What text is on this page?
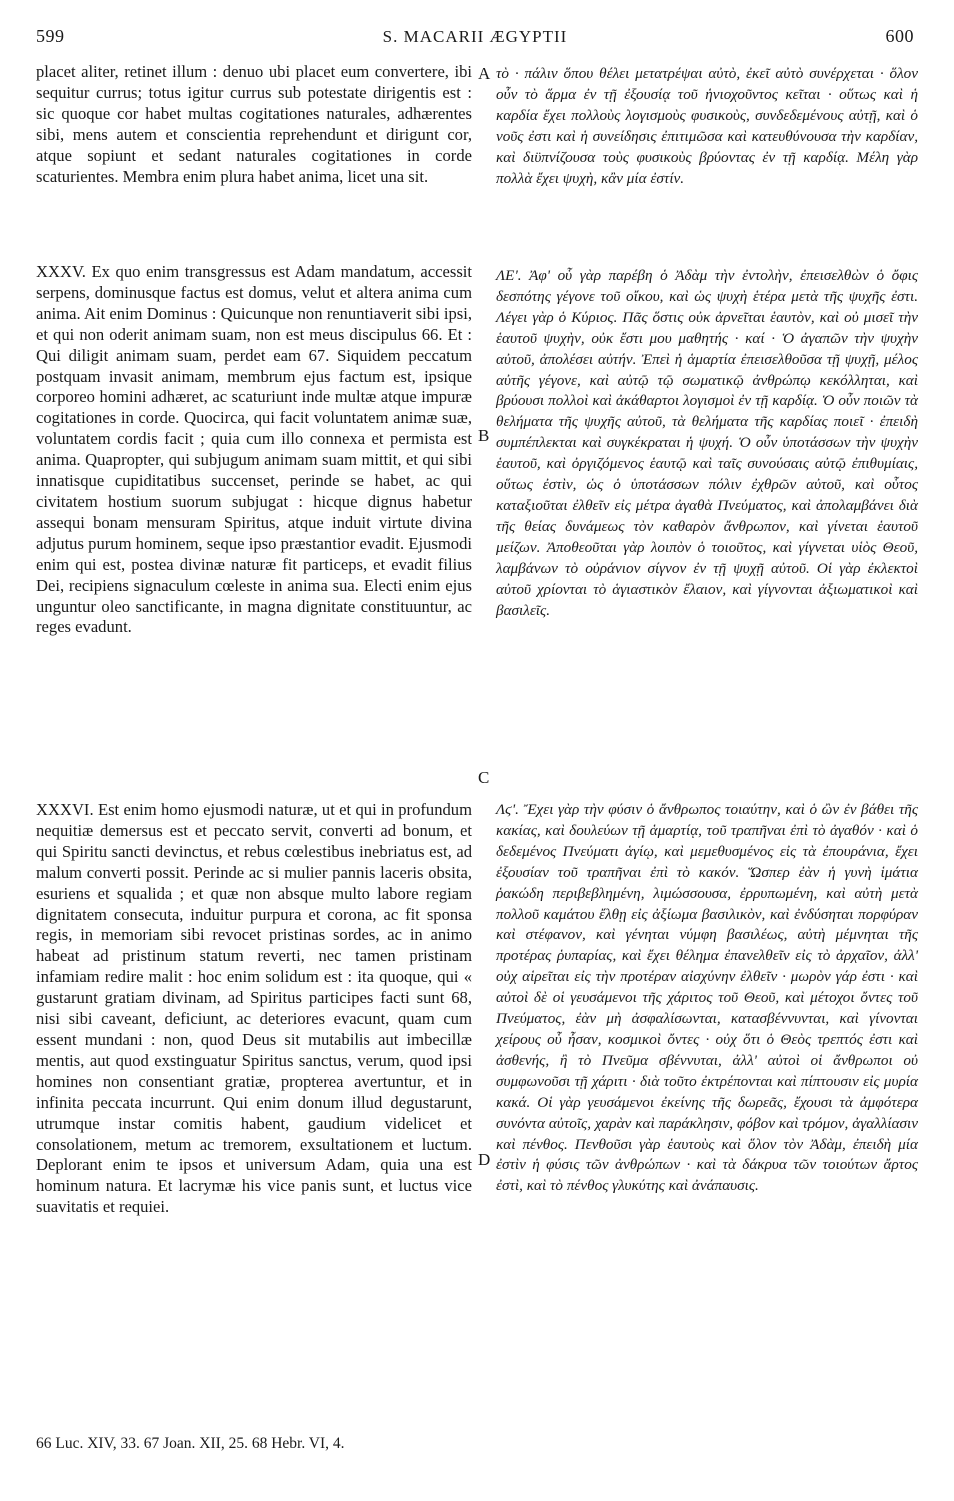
599	S. MACARII ÆGYPTII	600

placet aliter, retinet illum : denuo ubi placet eum convertere, ibi sequitur currus; totus igitur currus sub potestate dirigentis est : sic quoque cor habet multas cogitationes naturales, adhærentes sibi, mens autem et conscientia reprehendunt et dirigunt cor, atque sopiunt et sedant naturales cogitationes in corde scaturientes. Membra enim plura habet anima, licet una sit.

XXXV. Ex quo enim transgressus est Adam mandatum, accessit serpens, dominusque factus est domus, velut et altera anima cum anima. Ait enim Dominus : Quicunque non renuntiaverit sibi ipsi, et qui non oderit animam suam, non est meus discipulus 66. Et : Qui diligit animam suam, perdet eam 67. Siquidem peccatum postquam invasit animam, membrum ejus factum est, ipsique corporeo homini adhæret, ac scaturiunt inde multæ atque impuræ cogitationes in corde. Quocirca, qui facit voluntatem animæ suæ, voluntatem cordis facit ; quia cum illo connexa et permista est anima. Quapropter, qui subjugum animam suam mittit, et qui sibi innatisque cupiditatibus succenset, perinde se habet, ac qui civitatem hostium suorum subjugat : hicque dignus habetur assequi bonam mensuram Spiritus, atque induit virtute divina adjutus purum hominem, seque ipso præstantior evadit. Ejusmodi enim qui est, postea divinæ naturæ fit particeps, et evadit filius Dei, recipiens signaculum cœleste in anima sua. Electi enim ejus unguntur oleo sanctificante, in magna dignitate constituuntur, ac reges evadunt.

XXXVI. Est enim homo ejusmodi naturæ, ut et qui in profundum nequitiæ demersus est et peccato servit, converti ad bonum, et qui Spiritu sancti devinctus, et rebus cœlestibus inebriatus est, ad malum converti possit. Perinde ac si mulier pannis laceris obsita, esuriens et squalida ; et quæ non absque multo labore regiam dignitatem consecuta, induitur purpura et corona, ac fit sponsa regis, in memoriam sibi revocet pristinas sordes, ac in animo habeat ad pristinum statum reverti, nec tamen pristinam infamiam redire malit : hoc enim solidum est : ita quoque, qui « gustarunt gratiam divinam, ad Spiritus participes facti sunt 68, nisi sibi caveant, deficiunt, ac deteriores evacunt, quam cum essent mundani : non, quod Deus sit mutabilis aut imbecillæ mentis, aut quod exstinguatur Spiritus sanctus, verum, quod ipsi homines non consentiant gratiæ, propterea avertuntur, et in infinita peccata incurrunt. Qui enim donum illud degustarunt, utrumque instar comitis habent, gaudium videlicet et consolationem, metum ac tremorem, exsultationem et luctum. Deplorant enim te ipsos et universum Adam, quia una est hominum natura. Et lacrymæ his vice panis sunt, et luctus vice suavitatis et requiei.

A
B
C
D

τὸ · πάλιν ὅπου θέλει μετατρέψαι αὐτὸ, ἐκεῖ αὐτὸ συνέρχεται · ὅλον οὖν τὸ ἅρμα ἐν τῇ ἐξουσίᾳ τοῦ ἡνιοχοῦντος κεῖται · οὕτως καὶ ἡ καρδία ἔχει πολλοὺς λογισμοὺς φυσικοὺς, συνδεδεμένους αὐτῇ, καὶ ὁ νοῦς ἐστι καὶ ἡ συνείδησις ἐπιτιμῶσα καὶ κατευθύνουσα τὴν καρδίαν, καὶ διϋπνίζουσα τοὺς φυσικοὺς βρύοντας ἐν τῇ καρδίᾳ. Μέλη γὰρ πολλὰ ἔχει ψυχὴ, κἂν μία ἐστίν.

ΛΕʹ. Ἀφ' οὗ γὰρ παρέβη ὁ Ἀδὰμ τὴν ἐντολὴν, ἐπεισελθὼν ὁ ὄφις δεσπότης γέγονε τοῦ οἴκου, καὶ ὡς ψυχὴ ἑτέρα μετὰ τῆς ψυχῆς ἐστι. Λέγει γὰρ ὁ Κύριος. Πᾶς ὅστις οὐκ ἀρνεῖται ἑαυτὸν, καὶ οὐ μισεῖ τὴν ἑαυτοῦ ψυχὴν, οὐκ ἔστι μου μαθητής · καί · Ὁ ἀγαπῶν τὴν ψυχὴν αὐτοῦ, ἀπολέσει αὐτήν. Ἐπεὶ ἡ ἁμαρτία ἐπεισελθοῦσα τῇ ψυχῇ, μέλος αὐτῆς γέγονε, καὶ αὐτῷ τῷ σωματικῷ ἀνθρώπῳ κεκόλληται, καὶ βρύουσι πολλοὶ καὶ ἀκάθαρτοι λογισμοὶ ἐν τῇ καρδίᾳ. Ὁ οὖν ποιῶν τὰ θελήματα τῆς ψυχῆς αὐτοῦ, τὰ θελήματα τῆς καρδίας ποιεῖ · ἐπειδὴ συμπέπλεκται καὶ συγκέκραται ἡ ψυχή. Ὁ οὖν ὑποτάσσων τὴν ψυχὴν ἑαυτοῦ, καὶ ὀργιζόμενος ἑαυτῷ καὶ ταῖς συνούσαις αὐτῷ ἐπιθυμίαις, οὕτως ἐστὶν, ὡς ὁ ὑποτάσσων πόλιν ἐχθρῶν αὐτοῦ, καὶ οὗτος καταξιοῦται ἐλθεῖν εἰς μέτρα ἀγαθὰ Πνεύματος, καὶ ἀπολαμβάνει διὰ τῆς θείας δυνάμεως τὸν καθαρὸν ἄνθρωπον, καὶ γίνεται ἑαυτοῦ μείζων. Ἀποθεοῦται γὰρ λοιπὸν ὁ τοιοῦτος, καὶ γίγνεται υἱὸς Θεοῦ, λαμβάνων τὸ οὐράνιον σίγνον ἐν τῇ ψυχῇ αὐτοῦ. Οἱ γὰρ ἐκλεκτοὶ αὐτοῦ χρίονται τὸ ἁγιαστικὸν ἔλαιον, καὶ γίγνονται ἀξιωματικοὶ καὶ βασιλεῖς.

Λϛʹ. Ἔχει γὰρ τὴν φύσιν ὁ ἄνθρωπος τοιαύτην, καὶ ὁ ὢν ἐν βάθει τῆς κακίας, καὶ δουλεύων τῇ ἁμαρτίᾳ, τοῦ τραπῆναι ἐπὶ τὸ ἀγαθόν · καὶ ὁ δεδεμένος Πνεύματι ἁγίῳ, καὶ μεμεθυσμένος εἰς τὰ ἐπουράνια, ἔχει ἐξουσίαν τοῦ τραπῆναι ἐπὶ τὸ κακόν. Ὥσπερ ἐὰν ἡ γυνὴ ἱμάτια ῥακώδη περιβεβλημένη, λιμώσσουσα, ἐρρυπωμένη, καὶ αὐτὴ μετὰ πολλοῦ καμάτου ἔλθῃ εἰς ἀξίωμα βασιλικὸν, καὶ ἐνδύσηται πορφύραν καὶ στέφανον, καὶ γένηται νύμφη βασιλέως, αὐτὴ μέμνηται τῆς προτέρας ῥυπαρίας, καὶ ἔχει θέλημα ἐπανελθεῖν εἰς τὸ ἀρχαῖον, ἀλλ' οὐχ αἱρεῖται εἰς τὴν προτέραν αἰσχύνην ἐλθεῖν · μωρὸν γάρ ἐστι · καὶ αὐτοὶ δὲ οἱ γευσάμενοι τῆς χάριτος τοῦ Θεοῦ, καὶ μέτοχοι ὄντες τοῦ Πνεύματος, ἐὰν μὴ ἀσφαλίσωνται, κατασβέννυνται, καὶ γίνονται χείρους οὗ ἦσαν, κοσμικοὶ ὄντες · οὐχ ὅτι ὁ Θεὸς τρεπτός ἐστι καὶ ἀσθενής, ἢ τὸ Πνεῦμα σβέννυται, ἀλλ' αὐτοὶ οἱ ἄνθρωποι οὐ συμφωνοῦσι τῇ χάριτι · διὰ τοῦτο ἐκτρέπονται καὶ πίπτουσιν εἰς μυρία κακά. Οἱ γὰρ γευσάμενοι ἐκείνης τῆς δωρεᾶς, ἔχουσι τὰ ἀμφότερα συνόντα αὐτοῖς, χαρὰν καὶ παράκλησιν, φόβον καὶ τρόμον, ἀγαλλίασιν καὶ πένθος. Πενθοῦσι γὰρ ἑαυτοὺς καὶ ὅλον τὸν Ἀδὰμ, ἐπειδὴ μία ἐστὶν ἡ φύσις τῶν ἀνθρώπων · καὶ τὰ δάκρυα τῶν τοιούτων ἄρτος ἐστὶ, καὶ τὸ πένθος γλυκύτης καὶ ἀνάπαυσις.

66 Luc. XIV, 33. 67 Joan. XII, 25. 68 Hebr. VI, 4.
